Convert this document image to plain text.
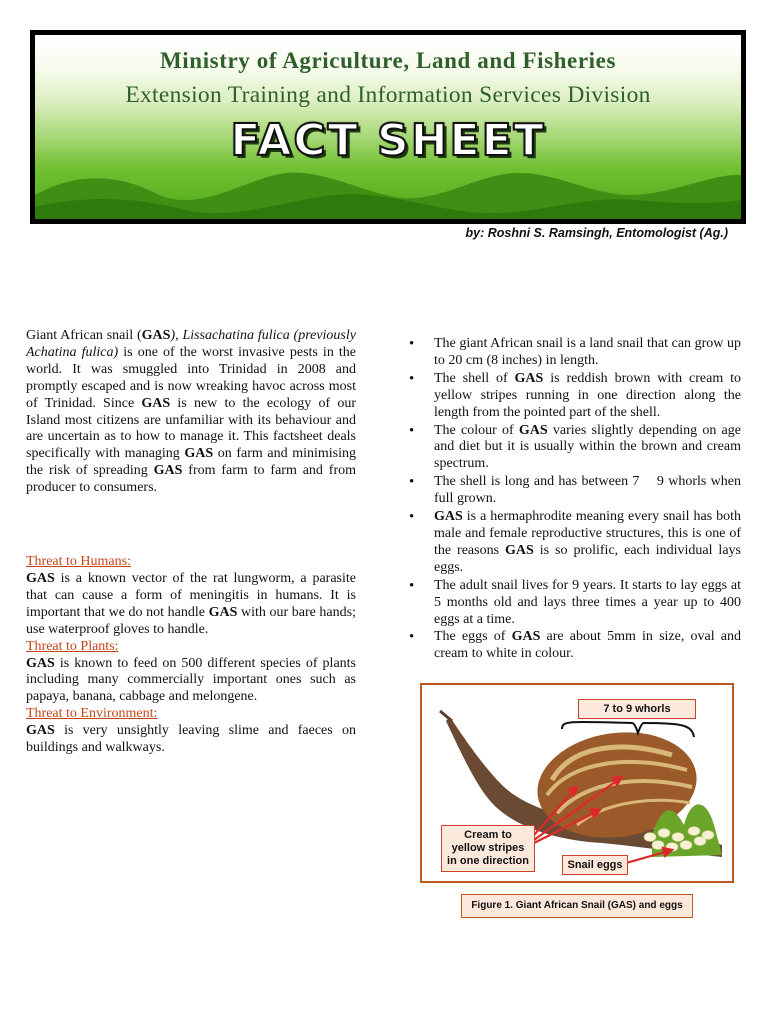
Ministry of Agriculture, Land and Fisheries
Extension Training and Information Services Division
FACT SHEET
by: Roshni S. Ramsingh, Entomologist (Ag.)

Giant African snail (GAS), Lissachatina fulica (previously Achatina fulica) is one of the worst invasive pests in the world. It was smuggled into Trinidad in 2008 and promptly escaped and is now wreaking havoc across most of Trinidad. Since GAS is new to the ecology of our Island most citizens are unfamiliar with its behaviour and are uncertain as to how to manage it. This factsheet deals specifically with managing GAS on farm and minimising the risk of spreading GAS from farm to farm and from producer to consumers.

Threat to Humans:

GAS is a known vector of the rat lungworm, a parasite that can cause a form of meningitis in humans. It is important that we do not handle GAS with our bare hands; use waterproof gloves to handle.

Threat to Plants:

GAS is known to feed on 500 different species of plants including many commercially important ones such as papaya, banana, cabbage and melongene.

Threat to Environment:

GAS is very unsightly leaving slime and faeces on buildings and walkways.

• The giant African snail is a land snail that can grow up to 20 cm (8 inches) in length.
• The shell of GAS is reddish brown with cream to yellow stripes running in one direction along the length from the pointed part of the shell.
• The colour of GAS varies slightly depending on age and diet but it is usually within the brown and cream spectrum.
• The shell is long and has between 7    9 whorls when full grown.
• GAS is a hermaphrodite meaning every snail has both male and female reproductive structures, this is one of the reasons GAS is so prolific, each individual lays eggs.
• The adult snail lives for 9 years. It starts to lay eggs at 5 months old and lays three times a year up to 400 eggs at a time.
• The eggs of GAS are about 5mm in size, oval and cream to white in colour.
7 to 9 whorls
Cream to
yellow stripes
in one direction	Snail eggs
Figure 1. Giant African Snail (GAS) and eggs
